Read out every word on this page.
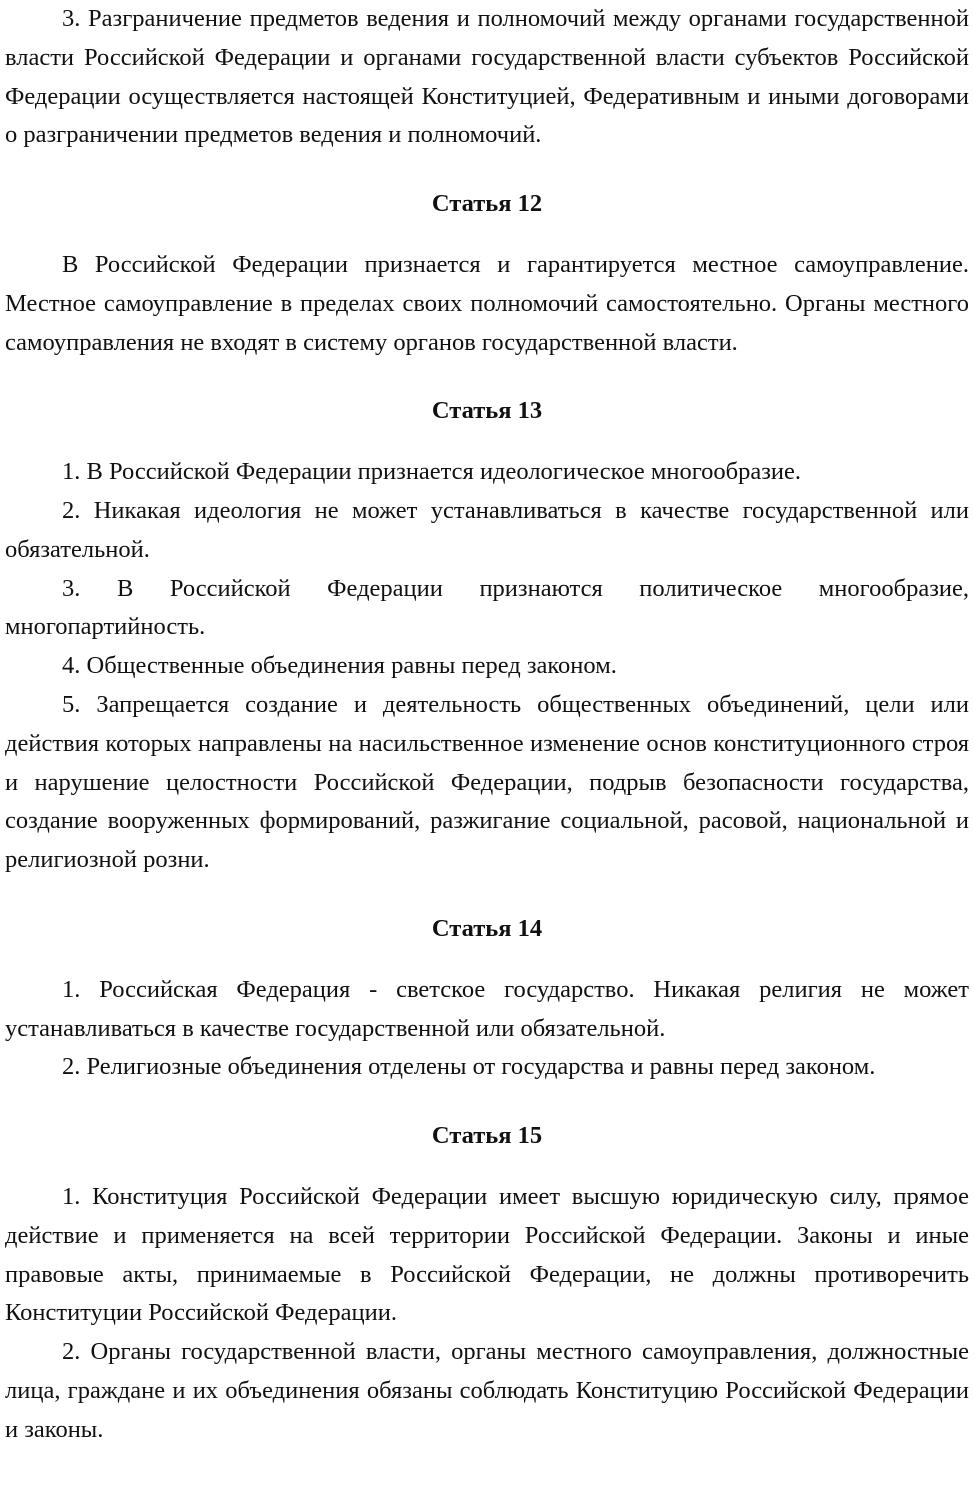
3. Разграничение предметов ведения и полномочий между органами государственной власти Российской Федерации и органами государственной власти субъектов Российской Федерации осуществляется настоящей Конституцией, Федеративным и иными договорами о разграничении предметов ведения и полномочий.

Статья 12

В Российской Федерации признается и гарантируется местное самоуправление. Местное самоуправление в пределах своих полномочий самостоятельно. Органы местного самоуправления не входят в систему органов государственной власти.

Статья 13

1. В Российской Федерации признается идеологическое многообразие.

2. Никакая идеология не может устанавливаться в качестве государственной или обязательной.

3. В Российской Федерации признаются политическое многообразие, многопартийность.

4. Общественные объединения равны перед законом.

5. Запрещается создание и деятельность общественных объединений, цели или действия которых направлены на насильственное изменение основ конституционного строя и нарушение целостности Российской Федерации, подрыв безопасности государства, создание вооруженных формирований, разжигание социальной, расовой, национальной и религиозной розни.

Статья 14

1. Российская Федерация - светское государство. Никакая религия не может устанавливаться в качестве государственной или обязательной.

2. Религиозные объединения отделены от государства и равны перед законом.

Статья 15

1. Конституция Российской Федерации имеет высшую юридическую силу, прямое действие и применяется на всей территории Российской Федерации. Законы и иные правовые акты, принимаемые в Российской Федерации, не должны противоречить Конституции Российской Федерации.

2. Органы государственной власти, органы местного самоуправления, должностные лица, граждане и их объединения обязаны соблюдать Конституцию Российской Федерации и законы.
